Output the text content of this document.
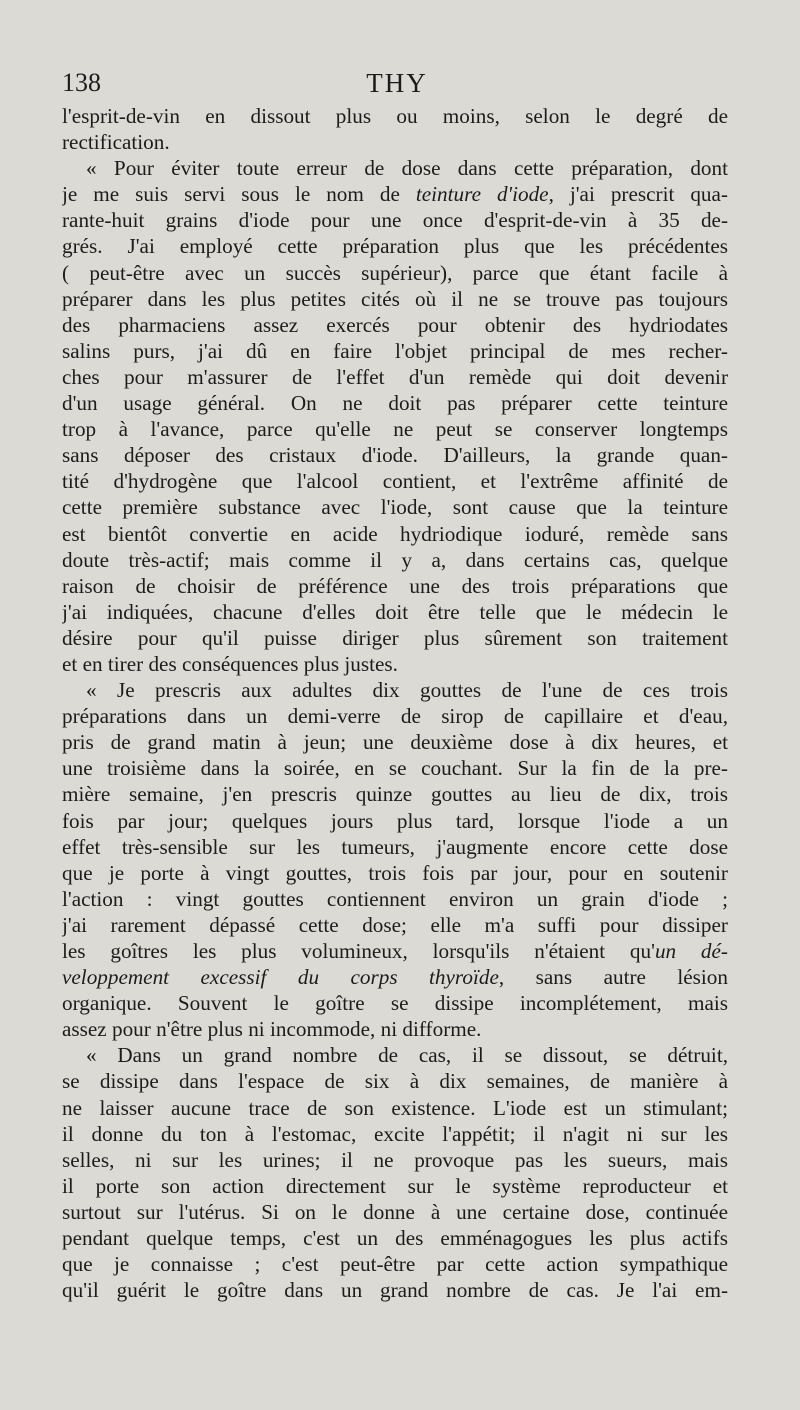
138	THY
l'esprit-de-vin en dissout plus ou moins, selon le degré de
rectification.
« Pour éviter toute erreur de dose dans cette préparation, dont
je me suis servi sous le nom de teinture d'iode, j'ai prescrit qua-
rante-huit grains d'iode pour une once d'esprit-de-vin à 35 de-
grés. J'ai employé cette préparation plus que les précédentes
( peut-être avec un succès supérieur), parce que étant facile à
préparer dans les plus petites cités où il ne se trouve pas toujours
des pharmaciens assez exercés pour obtenir des hydriodates
salins purs, j'ai dû en faire l'objet principal de mes recher-
ches pour m'assurer de l'effet d'un remède qui doit devenir
d'un usage général. On ne doit pas préparer cette teinture
trop à l'avance, parce qu'elle ne peut se conserver longtemps
sans déposer des cristaux d'iode. D'ailleurs, la grande quan-
tité d'hydrogène que l'alcool contient, et l'extrême affinité de
cette première substance avec l'iode, sont cause que la teinture
est bientôt convertie en acide hydriodique ioduré, remède sans
doute très-actif; mais comme il y a, dans certains cas, quelque
raison de choisir de préférence une des trois préparations que
j'ai indiquées, chacune d'elles doit être telle que le médecin le
désire pour qu'il puisse diriger plus sûrement son traitement
et en tirer des conséquences plus justes.
« Je prescris aux adultes dix gouttes de l'une de ces trois
préparations dans un demi-verre de sirop de capillaire et d'eau,
pris de grand matin à jeun; une deuxième dose à dix heures, et
une troisième dans la soirée, en se couchant. Sur la fin de la pre-
mière semaine, j'en prescris quinze gouttes au lieu de dix, trois
fois par jour; quelques jours plus tard, lorsque l'iode a un
effet très-sensible sur les tumeurs, j'augmente encore cette dose
que je porte à vingt gouttes, trois fois par jour, pour en soutenir
l'action : vingt gouttes contiennent environ un grain d'iode ;
j'ai rarement dépassé cette dose; elle m'a suffi pour dissiper
les goîtres les plus volumineux, lorsqu'ils n'étaient qu'un dé-
veloppement excessif du corps thyroïde, sans autre lésion
organique. Souvent le goître se dissipe incomplétement, mais
assez pour n'être plus ni incommode, ni difforme.
« Dans un grand nombre de cas, il se dissout, se détruit,
se dissipe dans l'espace de six à dix semaines, de manière à
ne laisser aucune trace de son existence. L'iode est un stimulant;
il donne du ton à l'estomac, excite l'appétit; il n'agit ni sur les
selles, ni sur les urines; il ne provoque pas les sueurs, mais
il porte son action directement sur le système reproducteur et
surtout sur l'utérus. Si on le donne à une certaine dose, continuée
pendant quelque temps, c'est un des emménagogues les plus actifs
que je connaisse ; c'est peut-être par cette action sympathique
qu'il guérit le goître dans un grand nombre de cas. Je l'ai em-
